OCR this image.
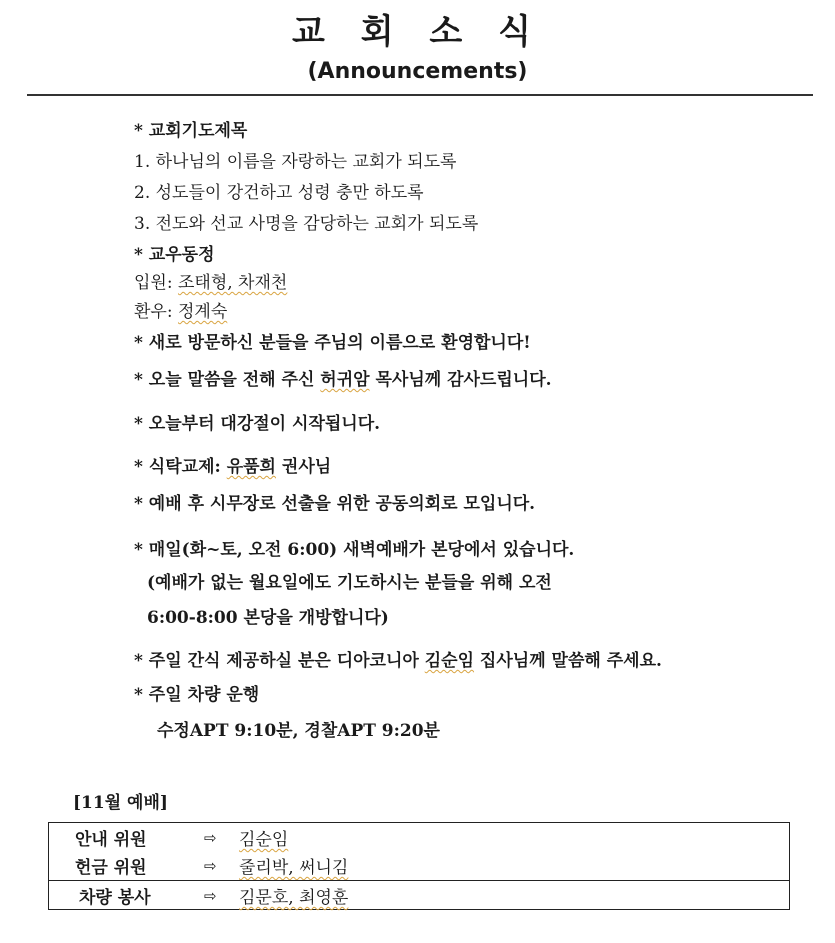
교 회 소 식
(Announcements)
* 교회기도제목
1. 하나님의 이름을 자랑하는 교회가 되도록
2. 성도들이 강건하고 성령 충만 하도록
3. 전도와 선교 사명을 감당하는 교회가 되도록
* 교우동정
입원: 조태형, 차재천
환우: 정계숙
* 새로 방문하신 분들을 주님의 이름으로 환영합니다!
* 오늘 말씀을 전해 주신 허귀암 목사님께 감사드립니다.
* 오늘부터 대강절이 시작됩니다.
* 식탁교제: 유품희 권사님
* 예배 후 시무장로 선출을 위한 공동의회로 모입니다.
* 매일(화~토, 오전 6:00) 새벽예배가 본당에서 있습니다.
(예배가 없는 월요일에도 기도하시는 분들을 위해 오전
6:00-8:00 본당을 개방합니다)
* 주일 간식 제공하실 분은 디아코니아 김순임 집사님께 말씀해 주세요.
* 주일 차량 운행
수정APT 9:10분, 경찰APT 9:20분
[11월 예배]
안내 위원	⇨ 김순임
헌금 위원	⇨ 줄리박, 써니김
차량 봉사	⇨ 김문호, 최영훈
